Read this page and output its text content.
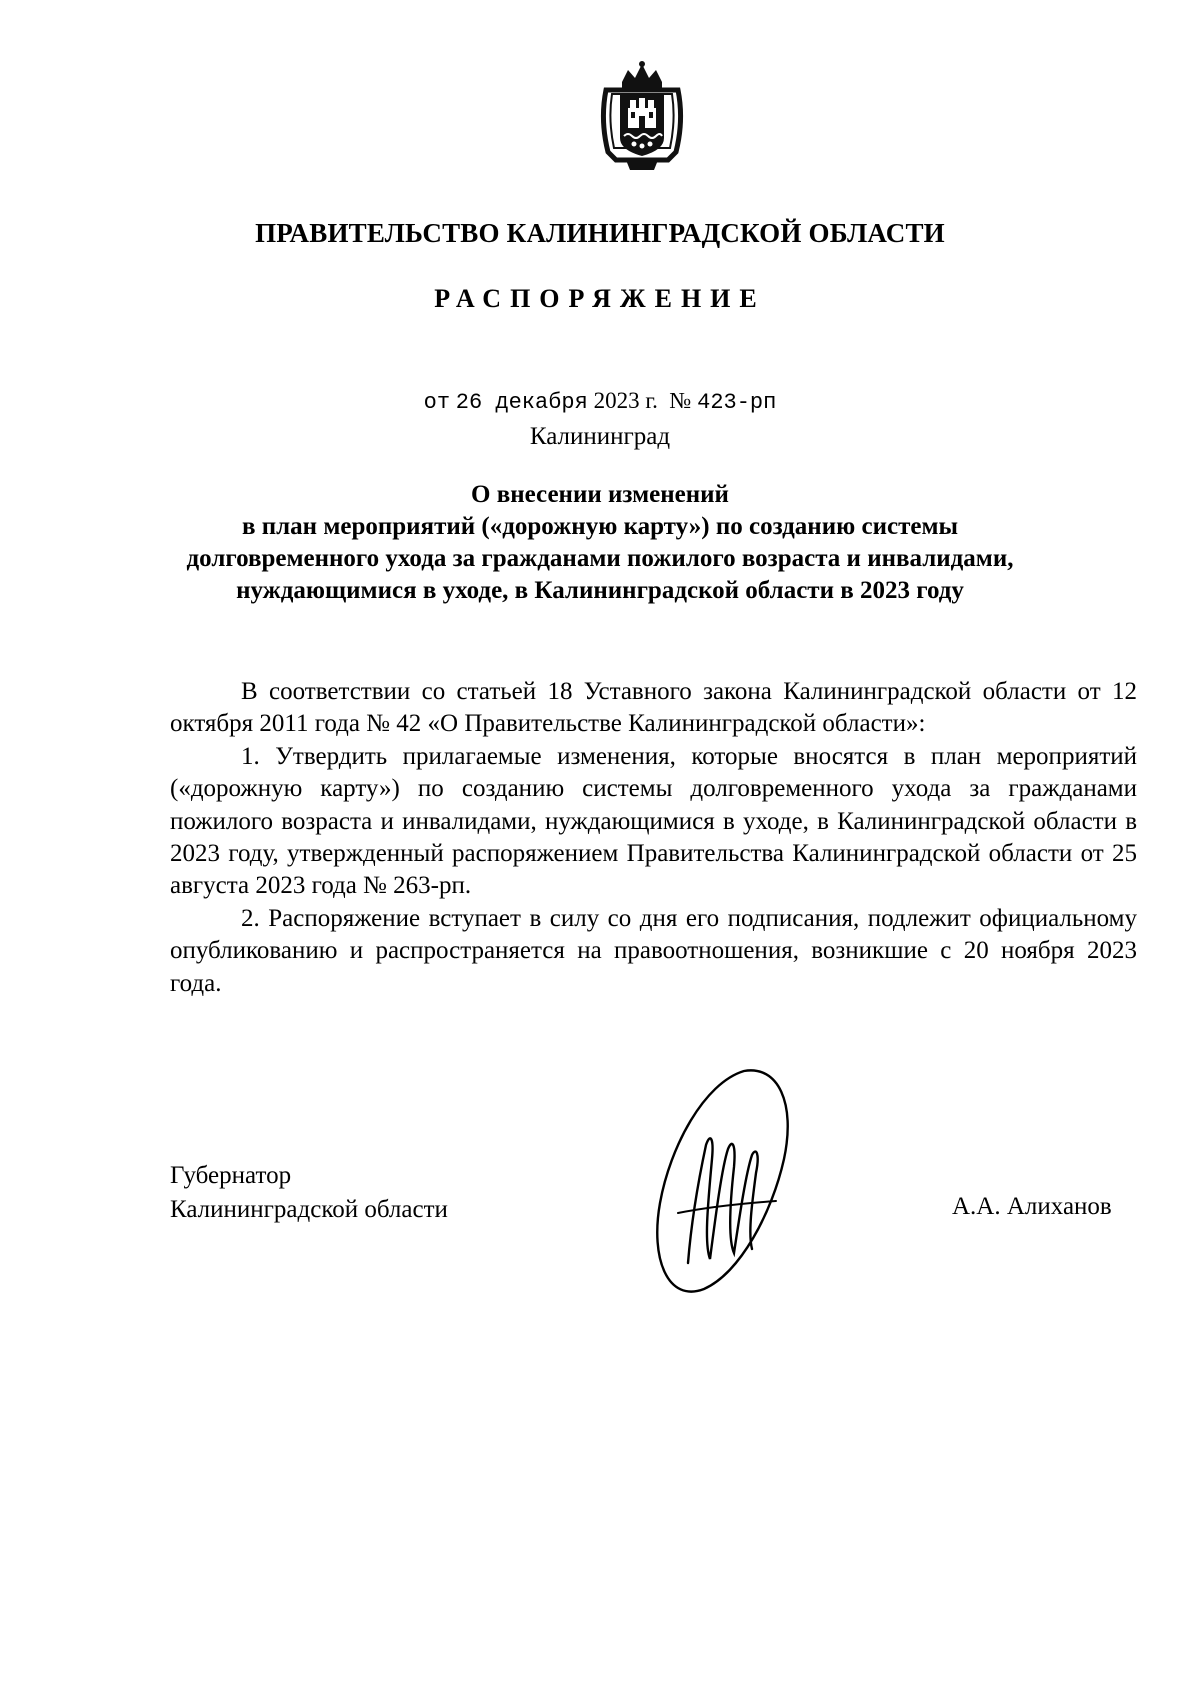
ПРАВИТЕЛЬСТВО КАЛИНИНГРАДСКОЙ ОБЛАСТИ
РАСПОРЯЖЕНИЕ
от 26 декабря 2023 г. № 423-рп
Калининград
О внесении изменений
в план мероприятий («дорожную карту») по созданию системы
долговременного ухода за гражданами пожилого возраста и инвалидами,
нуждающимися в уходе, в Калининградской области в 2023 году

В соответствии со статьей 18 Уставного закона Калининградской области от 12 октября 2011 года № 42 «О Правительстве Калининградской области»:

1. Утвердить прилагаемые изменения, которые вносятся в план мероприятий («дорожную карту») по созданию системы долговременного ухода за гражданами пожилого возраста и инвалидами, нуждающимися в уходе, в Калининградской области в 2023 году, утвержденный распоряжением Правительства Калининградской области от 25 августа 2023 года № 263-рп.

2. Распоряжение вступает в силу со дня его подписания, подлежит официальному опубликованию и распространяется на правоотношения, возникшие с 20 ноября 2023 года.

Губернатор
Калининградской области	А.А. Алиханов
